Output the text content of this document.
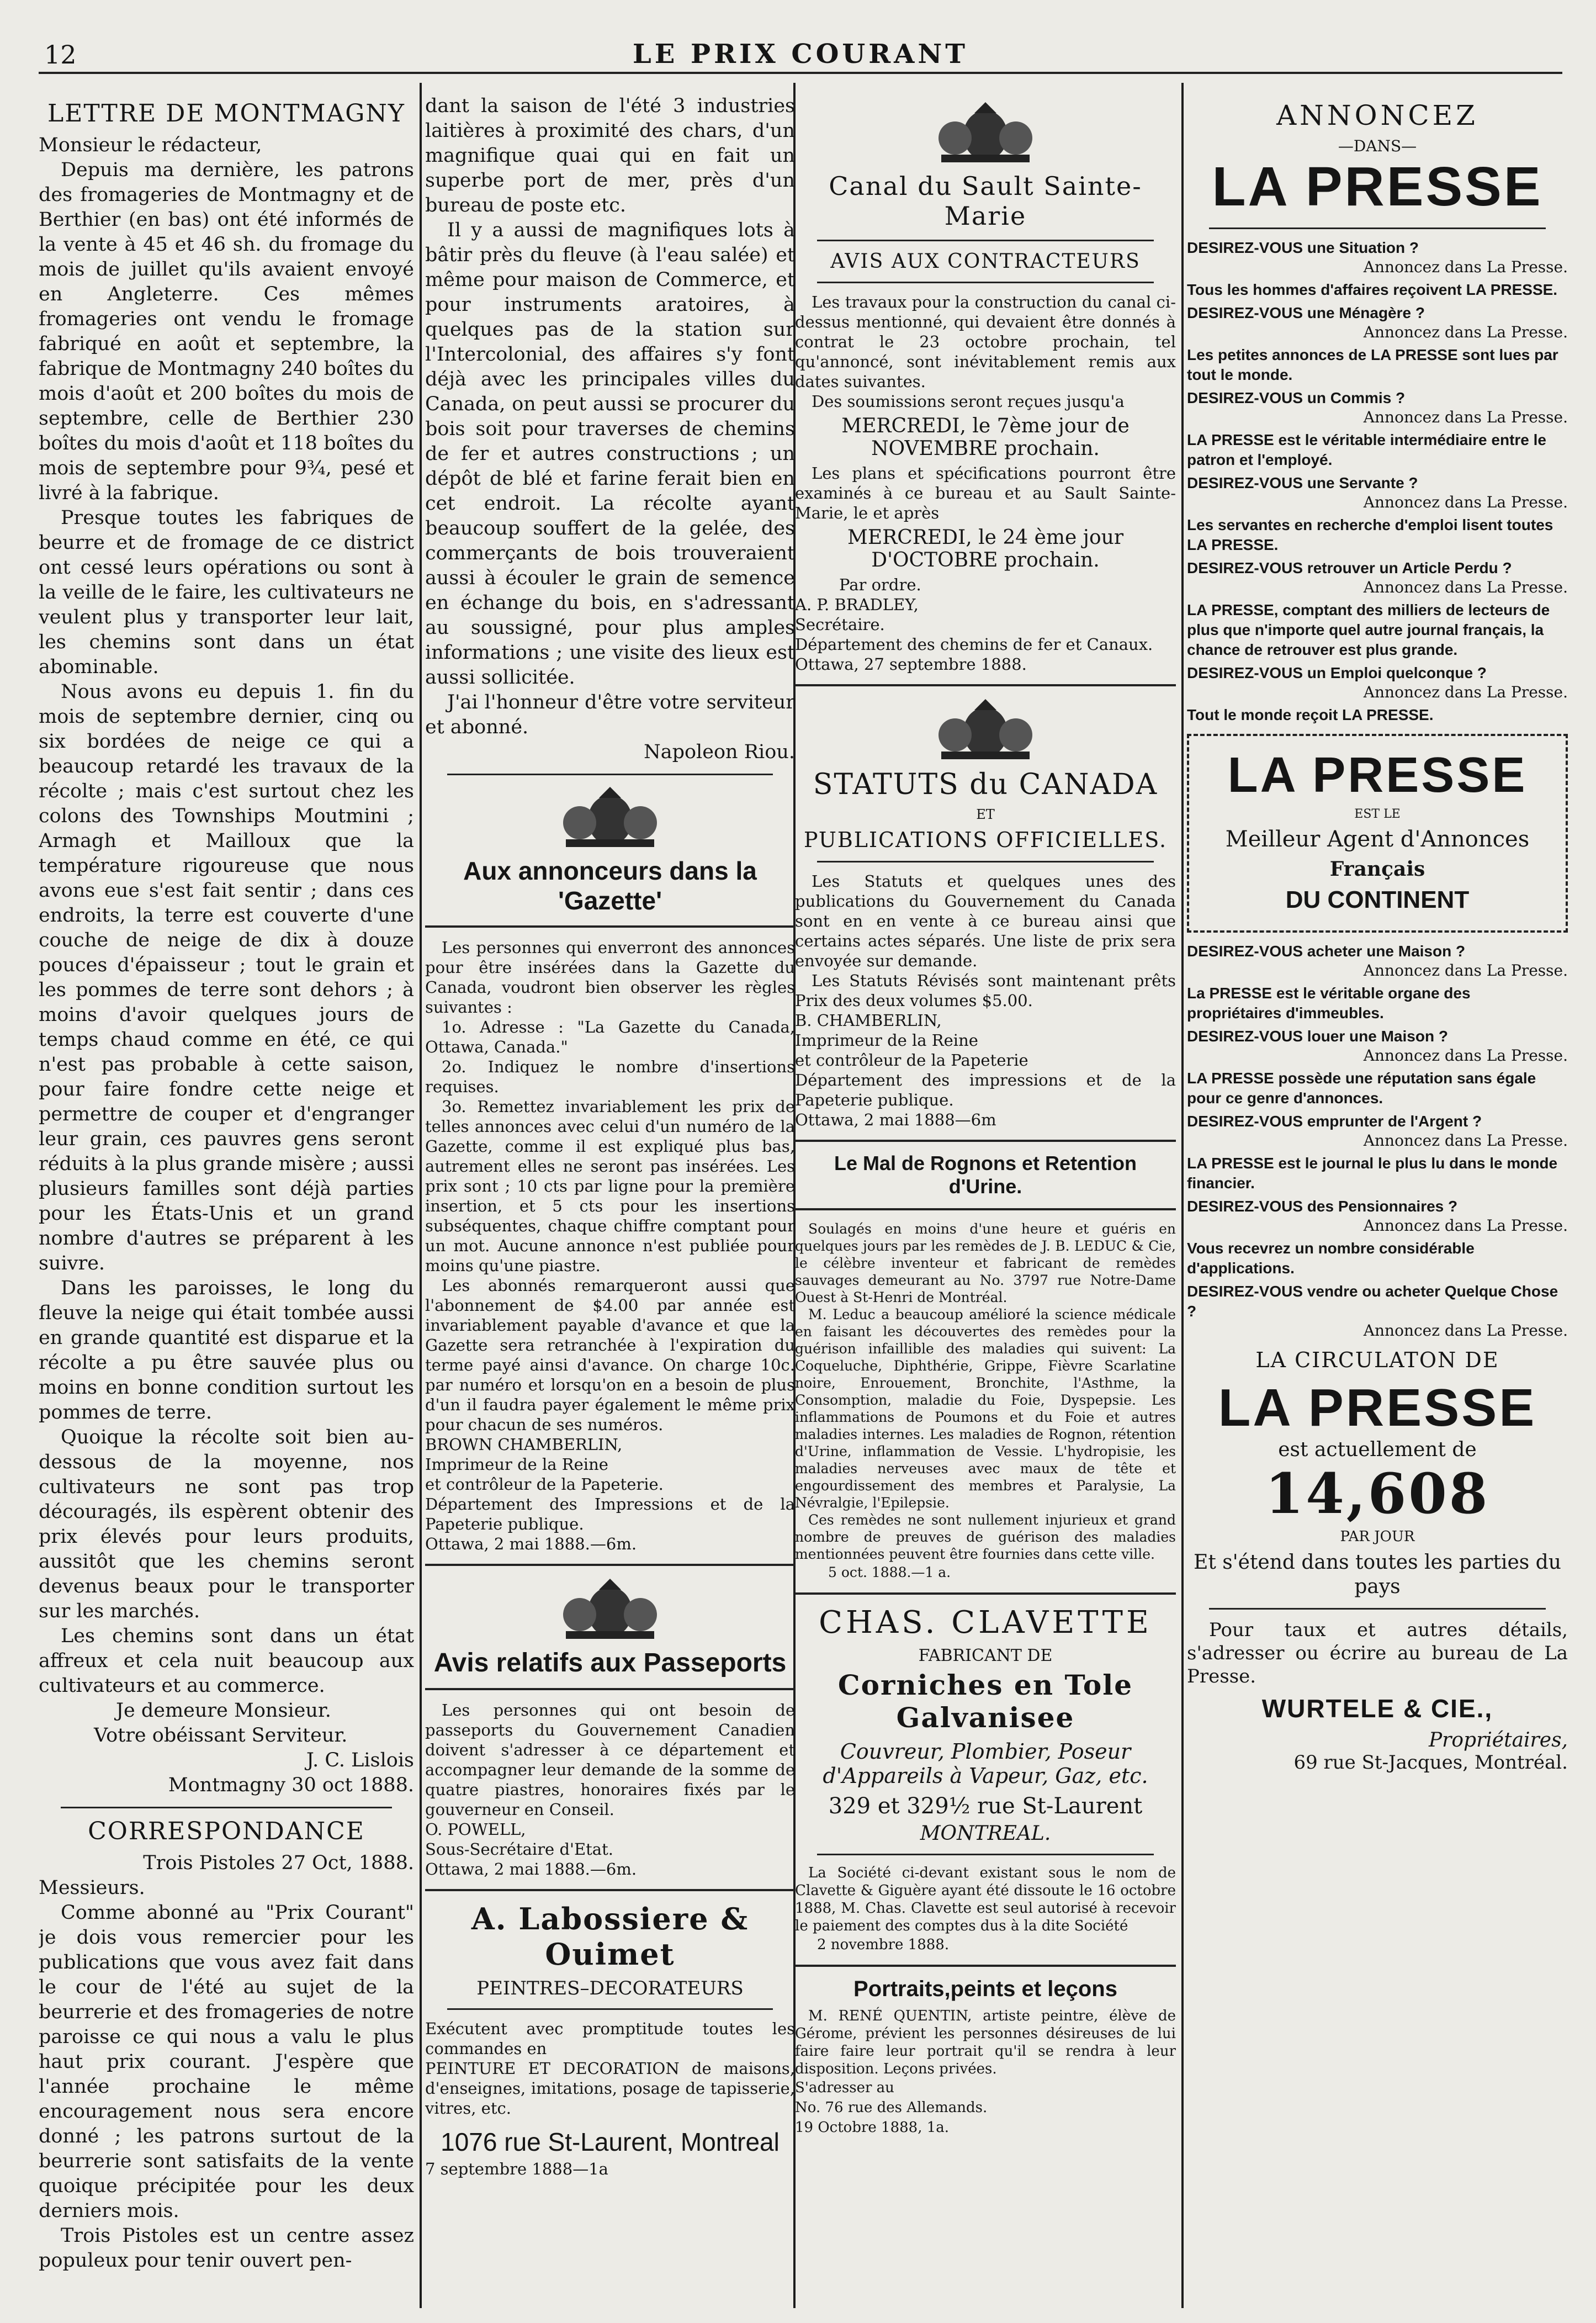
12	LE PRIX COURANT
LETTRE DE MONTMAGNY

Monsieur le rédacteur,

Depuis ma dernière, les patrons des fromageries de Montmagny et de Berthier (en bas) ont été informés de la vente à 45 et 46 sh. du fromage du mois de juillet qu'ils avaient envoyé en Angleterre. Ces mêmes fromageries ont vendu le fromage fabriqué en août et septembre, la fabrique de Montmagny 240 boîtes du mois d'août et 200 boîtes du mois de septembre, celle de Berthier 230 boîtes du mois d'août et 118 boîtes du mois de septembre pour 9¾, pesé et livré à la fabrique.

Presque toutes les fabriques de beurre et de fromage de ce district ont cessé leurs opérations ou sont à la veille de le faire, les cultivateurs ne veulent plus y transporter leur lait, les chemins sont dans un état abominable.

Nous avons eu depuis 1. fin du mois de septembre dernier, cinq ou six bordées de neige ce qui a beaucoup retardé les travaux de la récolte ; mais c'est surtout chez les colons des Townships Moutmini ; Armagh et Mailloux que la température rigoureuse que nous avons eue s'est fait sentir ; dans ces endroits, la terre est couverte d'une couche de neige de dix à douze pouces d'épaisseur ; tout le grain et les pommes de terre sont dehors ; à moins d'avoir quelques jours de temps chaud comme en été, ce qui n'est pas probable à cette saison, pour faire fondre cette neige et permettre de couper et d'engranger leur grain, ces pauvres gens seront réduits à la plus grande misère ; aussi plusieurs familles sont déjà parties pour les États-Unis et un grand nombre d'autres se préparent à les suivre.

Dans les paroisses, le long du fleuve la neige qui était tombée aussi en grande quantité est disparue et la récolte a pu être sauvée plus ou moins en bonne condition surtout les pommes de terre.

Quoique la récolte soit bien au-dessous de la moyenne, nos cultivateurs ne sont pas trop découragés, ils espèrent obtenir des prix élevés pour leurs produits, aussitôt que les chemins seront devenus beaux pour le transporter sur les marchés.

Les chemins sont dans un état affreux et cela nuit beaucoup aux cultivateurs et au commerce.

Je demeure Monsieur.

Votre obéissant Serviteur.

J. C. Lislois

Montmagny 30 oct 1888.

CORRESPONDANCE

Trois Pistoles 27 Oct, 1888.

Messieurs.

Comme abonné au "Prix Courant" je dois vous remercier pour les publications que vous avez fait dans le cour de l'été au sujet de la beurrerie et des fromageries de notre paroisse ce qui nous a valu le plus haut prix courant. J'espère que l'année prochaine le même encouragement nous sera encore donné ; les patrons surtout de la beurrerie sont satisfaits de la vente quoique précipitée pour les deux derniers mois.

Trois Pistoles est un centre assez populeux pour tenir ouvert pen-

dant la saison de l'été 3 industries laitières à proximité des chars, d'un magnifique quai qui en fait un superbe port de mer, près d'un bureau de poste etc.

Il y a aussi de magnifiques lots à bâtir près du fleuve (à l'eau salée) et même pour maison de Commerce, et pour instruments aratoires, à quelques pas de la station sur l'Intercolonial, des affaires s'y font déjà avec les principales villes du Canada, on peut aussi se procurer du bois soit pour traverses de chemins de fer et autres constructions ; un dépôt de blé et farine ferait bien en cet endroit. La récolte ayant beaucoup souffert de la gelée, des commerçants de bois trouveraient aussi à écouler le grain de semence en échange du bois, en s'adressant au soussigné, pour plus amples informations ; une visite des lieux est aussi sollicitée.

J'ai l'honneur d'être votre serviteur et abonné.

Napoleon Riou.

Aux annonceurs dans la 'Gazette'

Les personnes qui enverront des annonces pour être insérées dans la Gazette du Canada, voudront bien observer les règles suivantes :

1o. Adresse : "La Gazette du Canada, Ottawa, Canada."

2o. Indiquez le nombre d'insertions requises.

3o. Remettez invariablement les prix de telles annonces avec celui d'un numéro de la Gazette, comme il est expliqué plus bas, autrement elles ne seront pas insérées. Les prix sont ; 10 cts par ligne pour la première insertion, et 5 cts pour les insertions subséquentes, chaque chiffre comptant pour un mot. Aucune annonce n'est publiée pour moins qu'une piastre.

Les abonnés remarqueront aussi que l'abonnement de $4.00 par année est invariablement payable d'avance et que la Gazette sera retranchée à l'expiration du terme payé ainsi d'avance. On charge 10c. par numéro et lorsqu'on en a besoin de plus d'un il faudra payer également le même prix pour chacun de ses numéros.

BROWN CHAMBERLIN,

Imprimeur de la Reine

et contrôleur de la Papeterie.

Département des Impressions et de la Papeterie publique.

Ottawa, 2 mai 1888.—6m.

Avis relatifs aux Passeports

Les personnes qui ont besoin de passeports du Gouvernement Canadien doivent s'adresser à ce département et accompagner leur demande de la somme de quatre piastres, honoraires fixés par le gouverneur en Conseil.

O. POWELL,

Sous-Secrétaire d'Etat.

Ottawa, 2 mai 1888.—6m.

A. Labossiere & Ouimet

PEINTRES–DECORATEURS

Exécutent avec promptitude toutes les commandes en

PEINTURE ET DECORATION de maisons, d'enseignes, imitations, posage de tapisserie, vitres, etc.

1076 rue St-Laurent, Montreal

7 septembre 1888—1a

Canal du Sault Sainte-Marie
AVIS AUX CONTRACTEURS

Les travaux pour la construction du canal ci-dessus mentionné, qui devaient être donnés à contrat le 23 octobre prochain, tel qu'annoncé, sont inévitablement remis aux dates suivantes.

Des soumissions seront reçues jusqu'a

MERCREDI, le 7ème jour de NOVEMBRE prochain.

Les plans et spécifications pourront être examinés à ce bureau et au Sault Sainte-Marie, le et après

MERCREDI, le 24 ème jour D'OCTOBRE prochain.

Par ordre.

A. P. BRADLEY,

Secrétaire.

Département des chemins de fer et Canaux.

Ottawa, 27 septembre 1888.

STATUTS du CANADA

ET

PUBLICATIONS OFFICIELLES.

Les Statuts et quelques unes des publications du Gouvernement du Canada sont en en vente à ce bureau ainsi que certains actes séparés. Une liste de prix sera envoyée sur demande.

Les Statuts Révisés sont maintenant prêts Prix des deux volumes $5.00.

B. CHAMBERLIN,

Imprimeur de la Reine

et contrôleur de la Papeterie

Département des impressions et de la Papeterie publique.

Ottawa, 2 mai 1888—6m

Le Mal de Rognons et Retention d'Urine.

Soulagés en moins d'une heure et guéris en quelques jours par les remèdes de J. B. LEDUC & Cie, le célèbre inventeur et fabricant de remèdes sauvages demeurant au No. 3797 rue Notre-Dame Ouest à St-Henri de Montréal.

M. Leduc a beaucoup amélioré la science médicale en faisant les découvertes des remèdes pour la guérison infaillible des maladies qui suivent: La Coqueluche, Diphthérie, Grippe, Fièvre Scarlatine noire, Enrouement, Bronchite, l'Asthme, la Consomption, maladie du Foie, Dyspepsie. Les inflammations de Poumons et du Foie et autres maladies internes. Les maladies de Rognon, rétention d'Urine, inflammation de Vessie. L'hydropisie, les maladies nerveuses avec maux de tête et engourdissement des membres et Paralysie, La Névralgie, l'Epilepsie.

Ces remèdes ne sont nullement injurieux et grand nombre de preuves de guérison des maladies mentionnées peuvent être fournies dans cette ville.

5 oct. 1888.—1 a.

CHAS. CLAVETTE

FABRICANT DE

Corniches en Tole Galvanisee

Couvreur, Plombier, Poseur d'Appareils à Vapeur, Gaz, etc.

329 et 329½ rue St-Laurent

MONTREAL.

La Société ci-devant existant sous le nom de Clavette & Giguère ayant été dissoute le 16 octobre 1888, M. Chas. Clavette est seul autorisé à recevoir le paiement des comptes dus à la dite Société

2 novembre 1888.

Portraits,peints et leçons

M. RENÉ QUENTIN, artiste peintre, élève de Gérome, prévient les personnes désireuses de lui faire faire leur portrait qu'il se rendra à leur disposition. Leçons privées.

S'adresser au

No. 76 rue des Allemands.

19 Octobre 1888, 1a.

ANNONCEZ

—DANS—

LA PRESSE

DESIREZ-VOUS une Situation ?

Annoncez dans La Presse.

Tous les hommes d'affaires reçoivent LA PRESSE.

DESIREZ-VOUS une Ménagère ?

Annoncez dans La Presse.

Les petites annonces de LA PRESSE sont lues par tout le monde.

DESIREZ-VOUS un Commis ?

Annoncez dans La Presse.

LA PRESSE est le véritable intermédiaire entre le patron et l'employé.

DESIREZ-VOUS une Servante ?

Annoncez dans La Presse.

Les servantes en recherche d'emploi lisent toutes LA PRESSE.

DESIREZ-VOUS retrouver un Article Perdu ?

Annoncez dans La Presse.

LA PRESSE, comptant des milliers de lecteurs de plus que n'importe quel autre journal français, la chance de retrouver est plus grande.

DESIREZ-VOUS un Emploi quelconque ?

Annoncez dans La Presse.

Tout le monde reçoit LA PRESSE.

LA PRESSE

EST LE

Meilleur Agent d'Annonces

Français

DU CONTINENT

DESIREZ-VOUS acheter une Maison ?

Annoncez dans La Presse.

La PRESSE est le véritable organe des propriétaires d'immeubles.

DESIREZ-VOUS louer une Maison ?

Annoncez dans La Presse.

LA PRESSE possède une réputation sans égale pour ce genre d'annonces.

DESIREZ-VOUS emprunter de l'Argent ?

Annoncez dans La Presse.

LA PRESSE est le journal le plus lu dans le monde financier.

DESIREZ-VOUS des Pensionnaires ?

Annoncez dans La Presse.

Vous recevrez un nombre considérable d'applications.

DESIREZ-VOUS vendre ou acheter Quelque Chose ?

Annoncez dans La Presse.

LA CIRCULATON DE
LA PRESSE

est actuellement de

14,608

PAR JOUR

Et s'étend dans toutes les parties du pays

Pour taux et autres détails, s'adresser ou écrire au bureau de La Presse.

WURTELE & CIE.,

Propriétaires,

69 rue St-Jacques, Montréal.
